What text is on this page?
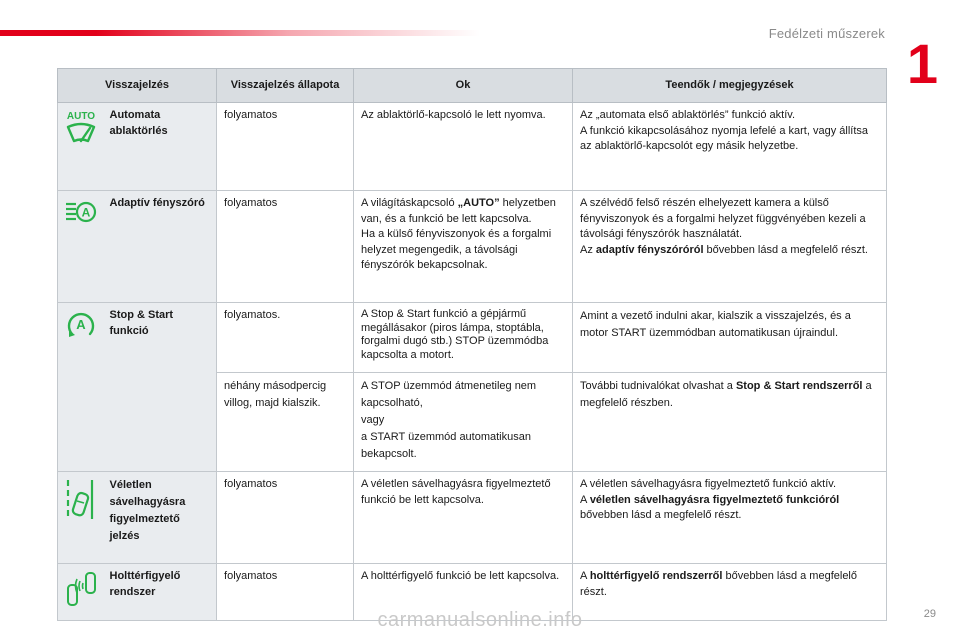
Fedélzeti műszerek 1
Visszajelzés		Visszajelzés állapota	Ok	Teendők / megjegyzések

AUTO	Automata ablaktörlés	folyamatos	Az ablaktörlő-kapcsoló le lett nyomva.	Az „automata első ablaktörlés” funkció aktív.
A funkció kikapcsolásához nyomja lefelé a kart, vagy állítsa az ablaktörlő-kapcsolót egy másik helyzetbe.

A	Adaptív fényszóró	folyamatos	A világításkapcsoló „AUTO” helyzetben van, és a funkció be lett kapcsolva.
Ha a külső fényviszonyok és a forgalmi helyzet megengedik, a távolsági fényszórók bekapcsolnak.	A szélvédő felső részén elhelyezett kamera a külső fényviszonyok és a forgalmi helyzet függvényében kezeli a távolsági fényszórók használatát.
Az adaptív fényszóróról bővebben lásd a megfelelő részt.

A	Stop & Start funkció	folyamatos.	A Stop & Start funkció a gépjármű megállásakor (piros lámpa, stoptábla, forgalmi dugó stb.) STOP üzemmódba kapcsolta a motort.	Amint a vezető indulni akar, kialszik a visszajelzés, és a motor START üzemmódban automatikusan újraindul.
		néhány másodpercig villog, majd kialszik.	A STOP üzemmód átmenetileg nem kapcsolható,
vagy
a START üzemmód automatikusan bekapcsolt.	További tudnivalókat olvashat a Stop & Start rendszerről a megfelelő részben.
	Véletlen sávelhagyásra figyelmeztető jelzés	folyamatos	A véletlen sávelhagyásra figyelmeztető funkció be lett kapcsolva.	A véletlen sávelhagyásra figyelmeztető funkció aktív.
A véletlen sávelhagyásra figyelmeztető funkcióról bővebben lásd a megfelelő részt.
	Holttérfigyelő rendszer	folyamatos	A holttérfigyelő funkció be lett kapcsolva.	A holttérfigyelő rendszerről bővebben lásd a megfelelő részt.
carmanualsonline.info	29
